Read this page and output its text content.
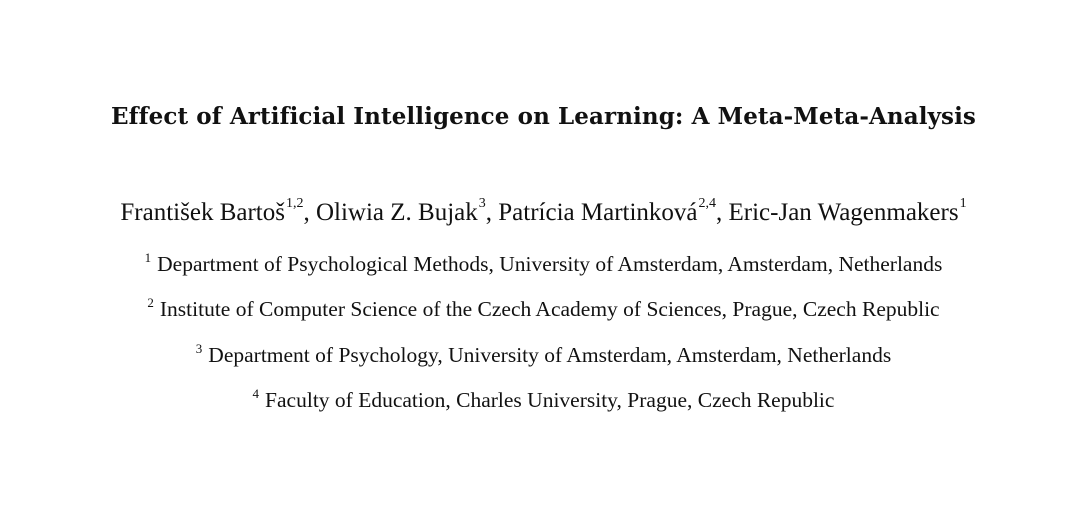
Effect of Artificial Intelligence on Learning: A Meta-Meta-Analysis
František Bartoš$^{1,2}$, Oliwia Z. Bujak$^3$, Patrícia Martinková$^{2,4}$, Eric-Jan Wagenmakers$^1$
$^1$ Department of Psychological Methods, University of Amsterdam, Amsterdam, Netherlands
$^2$ Institute of Computer Science of the Czech Academy of Sciences, Prague, Czech Republic
$^3$ Department of Psychology, University of Amsterdam, Amsterdam, Netherlands
$^4$ Faculty of Education, Charles University, Prague, Czech Republic
